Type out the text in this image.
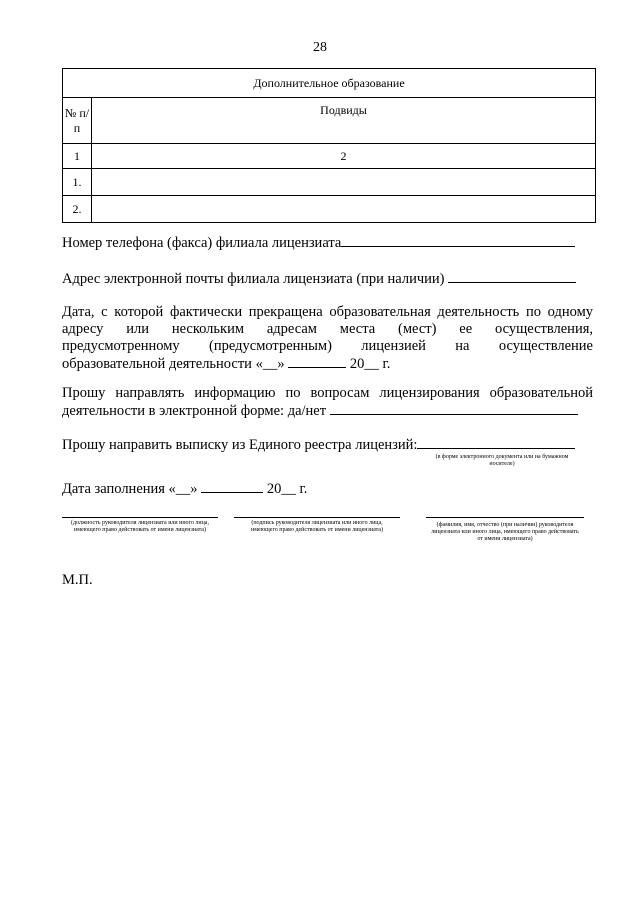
28
Дополнительное образование	
№ п/п	Подвиды
1	2
1.	
2.	
Номер телефона (факса) филиала лицензиата
Адрес электронной почты филиала лицензиата (при наличии)
Дата, с которой фактически прекращена образовательная деятельность по одному
адресу или нескольким адресам места (мест) ее осуществления,
предусмотренному (предусмотренным) лицензией на осуществление
образовательной деятельности «__»	20__ г.
Прошу направлять информацию по вопросам лицензирования образовательной
деятельности в электронной форме: да/нет
Прошу направить выписку из Единого реестра лицензий:
(в форме электронного документа или на бумажном носителе)
Дата заполнения «__»	20__ г.
(должность руководителя лицензиата или иного лица, имеющего право действовать от имени лицензиата)
(подпись руководителя лицензиата или иного лица, имеющего право действовать от имени лицензиата)
(фамилия, имя, отчество (при наличии) руководителя лицензиата или иного лица, имеющего право действовать от имени лицензиата)
М.П.
